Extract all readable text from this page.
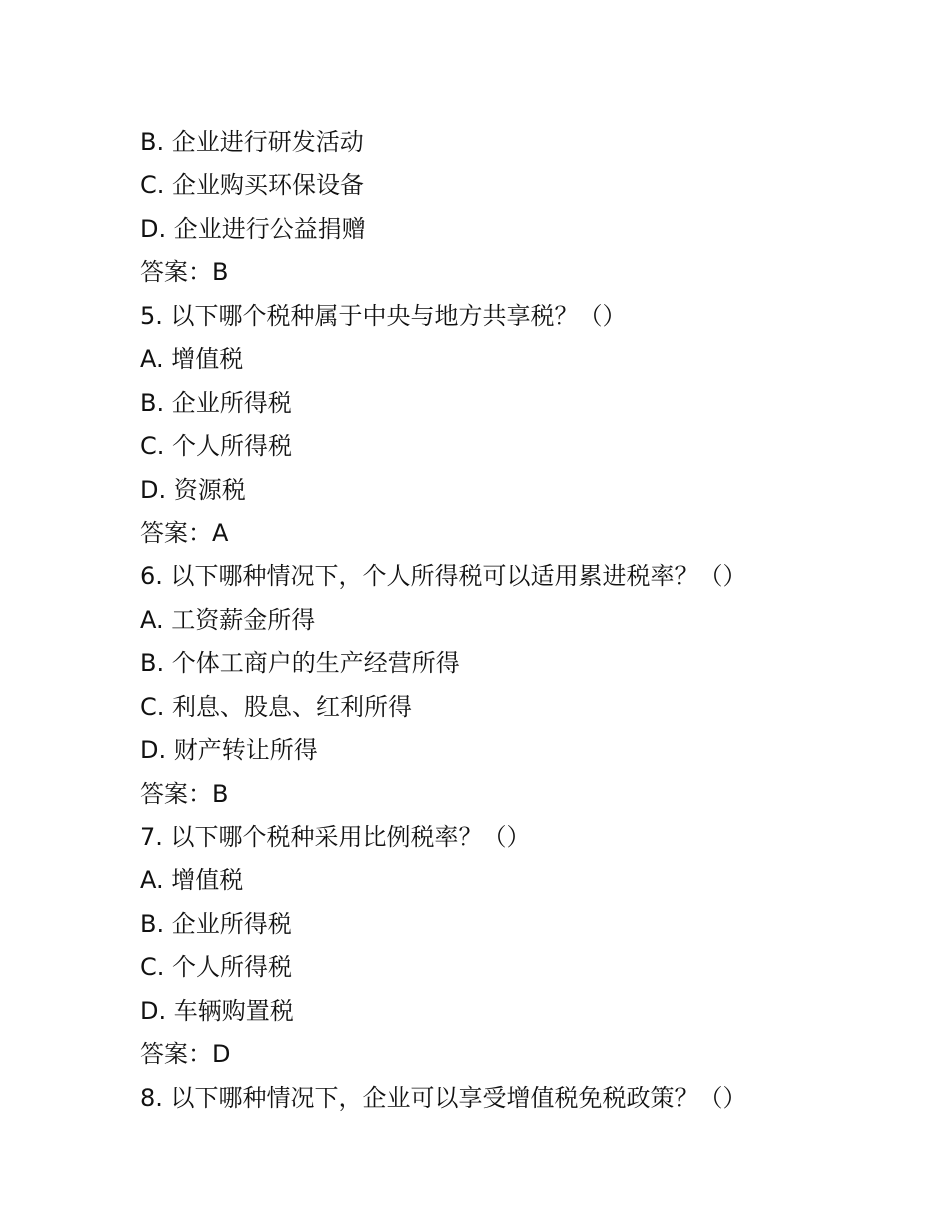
B. 企业进行研发活动
C. 企业购买环保设备
D. 企业进行公益捐赠
答案：B
5. 以下哪个税种属于中央与地方共享税？（）
A. 增值税
B. 企业所得税
C. 个人所得税
D. 资源税
答案：A
6. 以下哪种情况下，个人所得税可以适用累进税率？（）
A. 工资薪金所得
B. 个体工商户的生产经营所得
C. 利息、股息、红利所得
D. 财产转让所得
答案：B
7. 以下哪个税种采用比例税率？（）
A. 增值税
B. 企业所得税
C. 个人所得税
D. 车辆购置税
答案：D
8. 以下哪种情况下，企业可以享受增值税免税政策？（）
